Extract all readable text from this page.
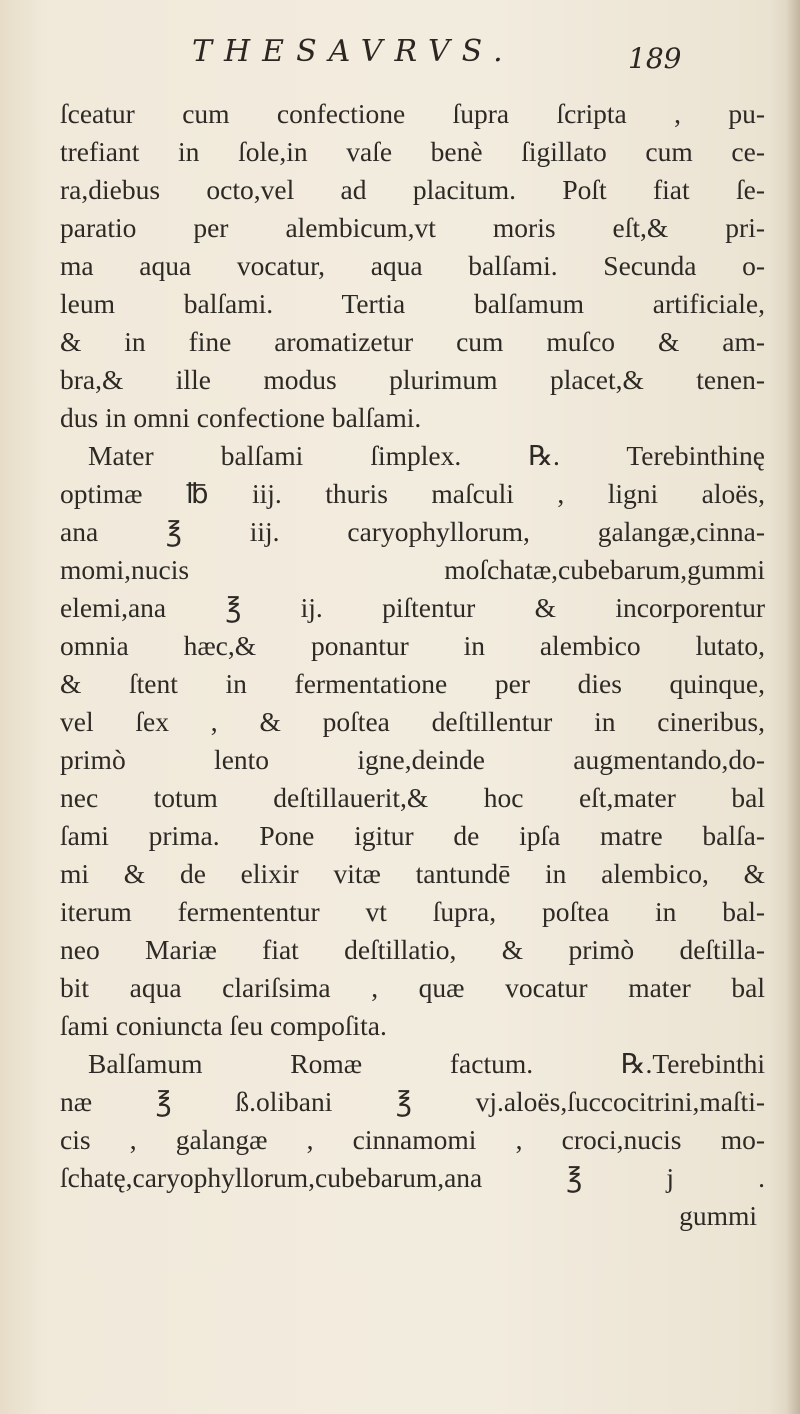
THESAVRVS.	189
ſceatur cum confectione ſupra ſcripta , pu-
trefiant in ſole,in vaſe benè ſigillato cum ce-
ra,diebus octo,vel ad placitum. Poſt fiat ſe-
paratio per alembicum,vt moris eſt,& pri-
ma aqua vocatur, aqua balſami. Secunda o-
leum balſami. Tertia balſamum artificiale,
& in fine aromatizetur cum muſco & am-
bra,& ille modus plurimum placet,& tenen-
dus in omni confectione balſami.
Mater balſami ſimplex. ℞. Terebinthinę
optimæ ℔ iij. thuris maſculi , ligni aloës,
ana ℥ iij. caryophyllorum, galangæ,cinna-
momi,nucis moſchatæ,cubebarum,gummi
elemi,ana ℥ ij. piſtentur & incorporentur
omnia hæc,& ponantur in alembico lutato,
& ſtent in fermentatione per dies quinque,
vel ſex , & poſtea deſtillentur in cineribus,
primò lento igne,deinde augmentando,do-
nec totum deſtillauerit,& hoc eſt,mater bal
ſami prima. Pone igitur de ipſa matre balſa-
mi & de elixir vitæ tantundē in alembico, &
iterum fermententur vt ſupra, poſtea in bal-
neo Mariæ fiat deſtillatio, & primò deſtilla-
bit aqua clariſsima , quæ vocatur mater bal
ſami coniuncta ſeu compoſita.
Balſamum Romæ factum. ℞.Terebinthi
næ ℥ ß.olibani ℥ vj.aloës,ſuccocitrini,maſti-
cis , galangæ , cinnamomi , croci,nucis mo-
ſchatę,caryophyllorum,cubebarum,ana ℥ j .
gummi
